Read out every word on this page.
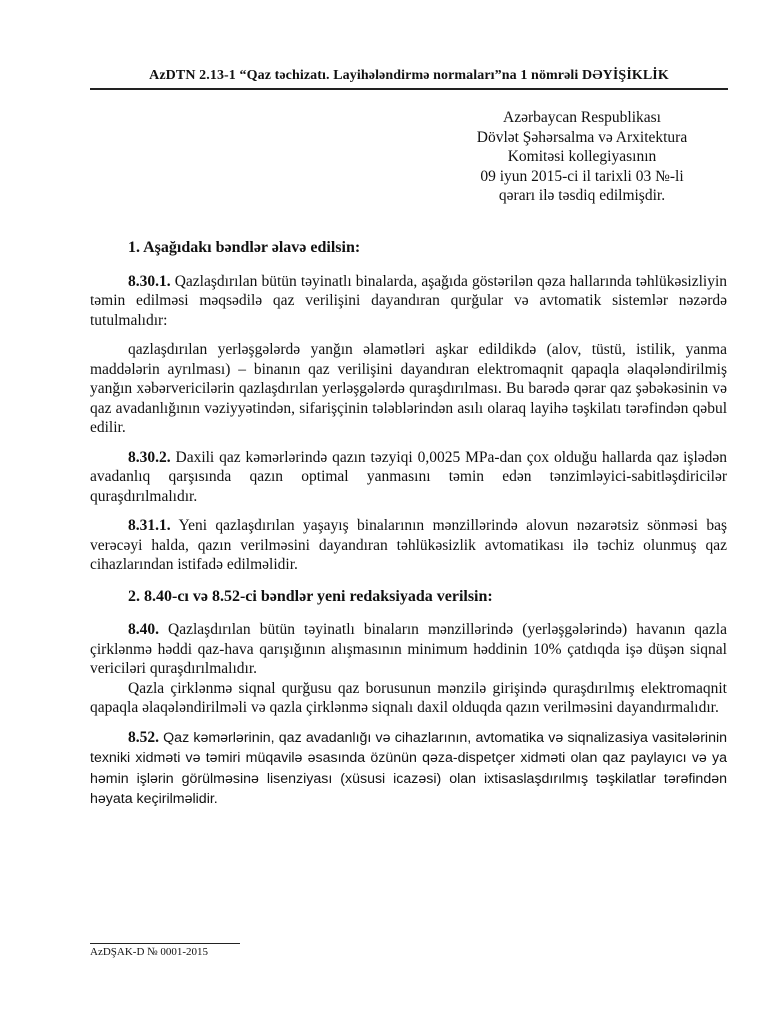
AzDTN 2.13-1 “Qaz təchizatı. Layihələndirmə normaları”na 1 nömrəli DƏYİŞİKLİK
Azərbaycan Respublikası
Dövlət Şəhərsalma və Arxitektura
Komitəsi kollegiyasının
09 iyun 2015-ci il tarixli 03 №-li
qərarı ilə təsdiq edilmişdir.
1. Aşağıdakı bəndlər əlavə edilsin:

8.30.1. Qazlaşdırılan bütün təyinatlı binalarda, aşağıda göstərilən qəza hallarında təhlükəsizliyin təmin edilməsi məqsədilə qaz verilişini dayandıran qurğular və avtomatik sistemlər nəzərdə tutulmalıdır:

qazlaşdırılan yerləşgələrdə yanğın əlamətləri aşkar edildikdə (alov, tüstü, istilik, yanma maddələrin ayrılması) – binanın qaz verilişini dayandıran elektromaqnit qapaqla əlaqələndirilmiş yanğın xəbərvericilərin qazlaşdırılan yerləşgələrdə quraşdırılması. Bu barədə qərar qaz şəbəkəsinin və qaz avadanlığının vəziyyətindən, sifarişçinin tələblərindən asılı olaraq layihə təşkilatı tərəfindən qəbul edilir.

8.30.2. Daxili qaz kəmərlərində qazın təzyiqi 0,0025 MPa-dan çox olduğu hallarda qaz işlədən avadanlıq qarşısında qazın optimal yanmasını təmin edən tənzimləyici-sabitləşdiricilər quraşdırılmalıdır.

8.31.1. Yeni qazlaşdırılan yaşayış binalarının mənzillərində alovun nəzarətsiz sönməsi baş verəcəyi halda, qazın verilməsini dayandıran təhlükəsizlik avtomatikası ilə təchiz olunmuş qaz cihazlarından istifadə edilməlidir.

2. 8.40-cı və 8.52-ci bəndlər yeni redaksiyada verilsin:

8.40. Qazlaşdırılan bütün təyinatlı binaların mənzillərində (yerləşgələrində) havanın qazla çirklənmə həddi qaz-hava qarışığının alışmasının minimum həddinin 10% çatdıqda işə düşən siqnal vericiləri quraşdırılmalıdır.

Qazla çirklənmə siqnal qurğusu qaz borusunun mənzilə girişində quraşdırılmış elektromaqnit qapaqla əlaqələndirilməli və qazla çirklənmə siqnalı daxil olduqda qazın verilməsini dayandırmalıdır.

8.52. Qaz kəmərlərinin, qaz avadanlığı və cihazlarının, avtomatika və siqnalizasiya vasitələrinin texniki xidməti və təmiri müqavilə əsasında özünün qəza-dispetçer xidməti olan qaz paylayıcı və ya həmin işlərin görülməsinə lisenziyası (xüsusi icazəsi) olan ixtisaslaşdırılmış təşkilatlar tərəfindən həyata keçirilməlidir.

AzDŞAK-D № 0001-2015
